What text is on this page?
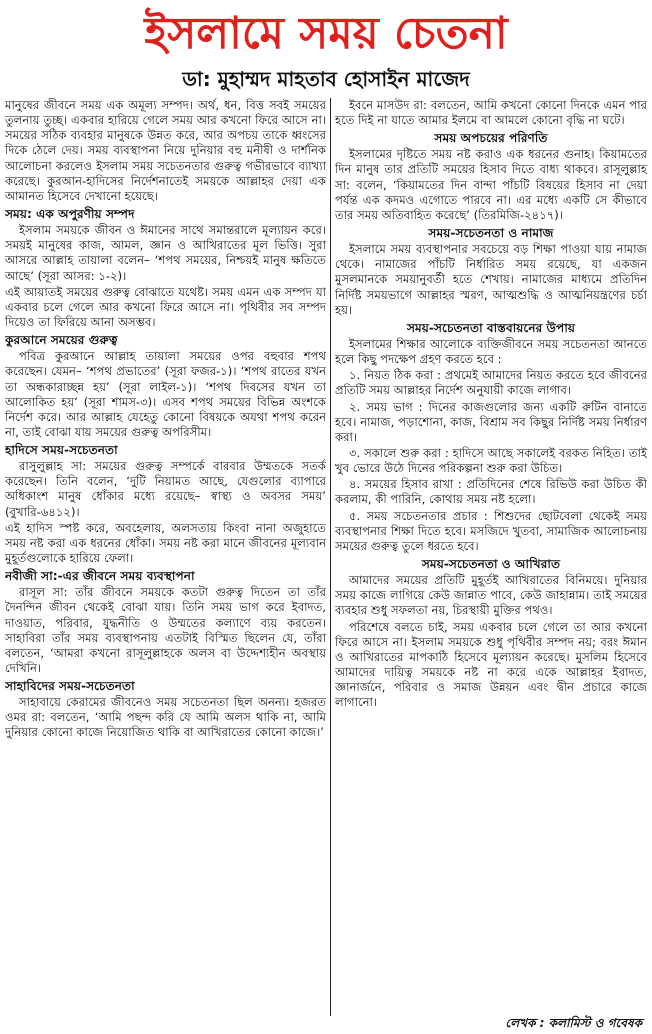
ইসলামে সময় চেতনা
ডা: মুহাম্মদ মাহতাব হোসাইন মাজেদ

মানুষের জীবনে সময় এক অমূল্য সম্পদ। অর্থ, ধন, বিত্ত সবই সময়ের তুলনায় তুচ্ছ। একবার হারিয়ে গেলে সময় আর কখনো ফিরে আসে না। সময়ের সঠিক ব্যবহার মানুষকে উন্নত করে, আর অপচয় তাকে ধ্বংসের দিকে ঠেলে দেয়। সময় ব্যবস্থাপনা নিয়ে দুনিয়ার বহু মনীষী ও দার্শনিক আলোচনা করলেও ইসলাম সময় সচেতনতার গুরুত্ব গভীরভাবে ব্যাখ্যা করেছে। কুরআন-হাদিসের নির্দেশনাতেই সময়কে আল্লাহর দেয়া এক আমানত হিসেবে দেখানো হয়েছে।

সময়: এক অপুরণীয় সম্পদ

ইসলাম সময়কে জীবন ও ঈমানের সাথে সমান্তরালে মূল্যায়ন করে। সময়ই মানুষের কাজ, আমল, জ্ঞান ও আখিরাতের মূল ভিত্তি। সুরা আসরে আল্লাহ তায়ালা বলেন– ‘শপথ সময়ের, নিশ্চয়ই মানুষ ক্ষতিতে আছে’ (সূরা আসর: ১-২)।

এই আয়াতই সময়ের গুরুত্ব বোঝাতে যথেষ্ট। সময় এমন এক সম্পদ যা একবার চলে গেলে আর কখনো ফিরে আসে না। পৃথিবীর সব সম্পদ দিয়েও তা ফিরিয়ে আনা অসম্ভব।

কুরআনে সময়ের গুরুত্ব

পবিত্র কুরআনে আল্লাহ তায়ালা সময়ের ওপর বহুবার শপথ করেছেন। যেমন– ‘শপথ প্রভাতের’ (সূরা ফজর-১)। ‘শপথ রাতের যখন তা অন্ধকারাচ্ছন্ন হয়’ (সূরা লাইল-১)। ‘শপথ দিবসের যখন তা আলোকিত হয়’ (সূরা শামস-৩)। এসব শপথ সময়ের বিভিন্ন অংশকে নির্দেশ করে। আর আল্লাহ যেহেতু কোনো বিষয়কে অযথা শপথ করেন না, তাই বোঝা যায় সময়ের গুরুত্ব অপরিসীম।

হাদিসে সময়-সচেতনতা

রাসুলুল্লাহ সা: সময়ের গুরুত্ব সম্পর্কে বারবার উম্মতকে সতর্ক করেছেন। তিনি বলেন, ‘দুটি নিয়ামত আছে, যেগুলোর ব্যাপারে অধিকাংশ মানুষ ধোঁকার মধ্যে রয়েছে– স্বাস্থ্য ও অবসর সময়’ (বুখারি-৬৪১২)।

এই হাদিস স্পষ্ট করে, অবহেলায়, অলসতায় কিংবা নানা অজুহাতে সময় নষ্ট করা এক ধরনের ধোঁকা। সময় নষ্ট করা মানে জীবনের মূল্যবান মুহূর্তগুলোকে হারিয়ে ফেলা।

নবীজী সা:-এর জীবনে সময় ব্যবস্থাপনা

রাসূল সা: তাঁর জীবনে সময়কে কতটা গুরুত্ব দিতেন তা তাঁর দৈনন্দিন জীবন থেকেই বোঝা যায়। তিনি সময় ভাগ করে ইবাদত, দাওয়াত, পরিবার, যুদ্ধনীতি ও উম্মতের কল্যাণে ব্যয় করতেন। সাহাবিরা তাঁর সময় ব্যবস্থাপনায় এতটাই বিস্মিত ছিলেন যে, তাঁরা বলতেন, ‘আমরা কখনো রাসূলুল্লাহকে অলস বা উদ্দেশ্যহীন অবস্থায় দেখিনি।

সাহাবিদের সময়-সচেতনতা

সাহাবায়ে কেরামের জীবনেও সময় সচেতনতা ছিল অনন্য। হজরত ওমর রা: বলতেন, ‘আমি পছন্দ করি যে আমি অলস থাকি না, আমি দুনিয়ার কোনো কাজে নিয়োজিত থাকি বা আখিরাতের কোনো কাজে।’

ইবনে মাসউদ রা: বলতেন, আমি কখনো কোনো দিনকে এমন পার হতে দিই না যাতে আমার ইলমে বা আমলে কোনো বৃদ্ধি না ঘটে।

সময় অপচয়ের পরিণতি

ইসলামের দৃষ্টিতে সময় নষ্ট করাও এক ধরনের গুনাহ। কিয়ামতের দিন মানুষ তার প্রতিটি সময়ের হিসাব দিতে বাধ্য থাকবে। রাসূলুল্লাহ সা: বলেন, ‘কিয়ামতের দিন বান্দা পাঁচটি বিষয়ের হিসাব না দেয়া পর্যন্ত এক কদমও এগোতে পারবে না। এর মধ্যে একটি সে কীভাবে তার সময় অতিবাহিত করেছে’ (তিরমিজি-২৪১৭)।

সময়-সচেতনতা ও নামাজ

ইসলামে সময় ব্যবস্থাপনার সবচেয়ে বড় শিক্ষা পাওয়া যায় নামাজ থেকে। নামাজের পাঁচটি নির্ধারিত সময় রয়েছে, যা একজন মুসলমানকে সময়ানুবর্তী হতে শেখায়। নামাজের মাধ্যমে প্রতিদিন নির্দিষ্ট সময়ভাগে আল্লাহর স্মরণ, আত্মশুদ্ধি ও আত্মনিয়ন্ত্রণের চর্চা হয়।

সময়-সচেতনতা বাস্তবায়নের উপায়

ইসলামের শিক্ষার আলোকে ব্যক্তিজীবনে সময় সচেতনতা আনতে হলে কিছু পদক্ষেপ গ্রহণ করতে হবে :

১. নিয়ত ঠিক করা : প্রথমেই আমাদের নিয়ত করতে হবে জীবনের প্রতিটি সময় আল্লাহর নির্দেশ অনুযায়ী কাজে লাগাব।

২. সময় ভাগ : দিনের কাজগুলোর জন্য একটি রুটিন বানাতে হবে। নামাজ, পড়াশোনা, কাজ, বিশ্রাম সব কিছুর নির্দিষ্ট সময় নির্ধারণ করা।

৩. সকালে শুরু করা : হাদিসে আছে সকালেই বরকত নিহিত। তাই খুব ভোরে উঠে দিনের পরিকল্পনা শুরু করা উচিত।

৪. সময়ের হিসাব রাখা : প্রতিদিনের শেষে রিভিউ করা উচিত কী করলাম, কী পারিনি, কোথায় সময় নষ্ট হলো।

৫. সময় সচেতনতার প্রচার : শিশুদের ছোটবেলা থেকেই সময় ব্যবস্থাপনার শিক্ষা দিতে হবে। মসজিদে খুতবা, সামাজিক আলোচনায় সময়ের গুরুত্ব তুলে ধরতে হবে।

সময়-সচেতনতা ও আখিরাত

আমাদের সময়ের প্রতিটি মুহূর্তই আখিরাতের বিনিময়ে। দুনিয়ার সময় কাজে লাগিয়ে কেউ জান্নাত পাবে, কেউ জাহান্নাম। তাই সময়ের ব্যবহার শুধু সফলতা নয়, চিরস্থায়ী মুক্তির পথও।

পরিশেষে বলতে চাই, সময় একবার চলে গেলে তা আর কখনো ফিরে আসে না। ইসলাম সময়কে শুধু পৃথিবীর সম্পদ নয়; বরং ঈমান ও আখিরাতের মাপকাঠি হিসেবে মূল্যায়ন করেছে। মুসলিম হিসেবে আমাদের দায়িত্ব সময়কে নষ্ট না করে একে আল্লাহর ইবাদত, জ্ঞানার্জনে, পরিবার ও সমাজ উন্নয়ন এবং দ্বীন প্রচারে কাজে লাগানো।

লেখক : কলামিস্ট ও গবেষক
